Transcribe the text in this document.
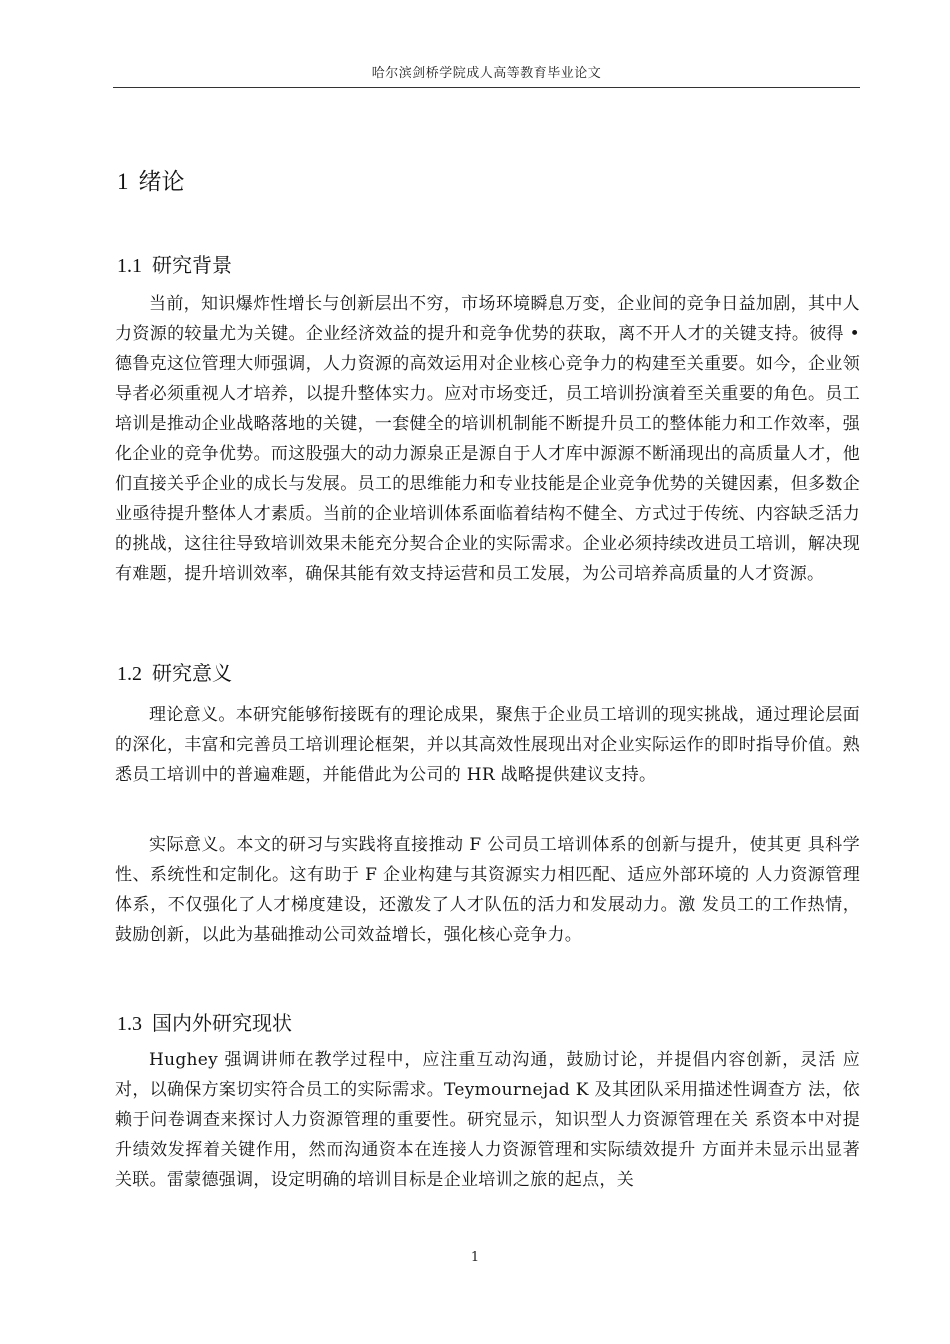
哈尔滨剑桥学院成人高等教育毕业论文
1 绪论
1.1 研究背景

当前，知识爆炸性增长与创新层出不穷，市场环境瞬息万变，企业间的竞争日益加剧，其中人力资源的较量尤为关键。企业经济效益的提升和竞争优势的获取，离不开人才的关键支持。彼得 •德鲁克这位管理大师强调，人力资源的高效运用对企业核心竞争力的构建至关重要。如今，企业领导者必须重视人才培养，以提升整体实力。应对市场变迁，员工培训扮演着至关重要的角色。员工培训是推动企业战略落地的关键，一套健全的培训机制能不断提升员工的整体能力和工作效率，强化企业的竞争优势。而这股强大的动力源泉正是源自于人才库中源源不断涌现出的高质量人才，他们直接关乎企业的成长与发展。员工的思维能力和专业技能是企业竞争优势的关键因素，但多数企业亟待提升整体人才素质。当前的企业培训体系面临着结构不健全、方式过于传统、内容缺乏活力的挑战，这往往导致培训效果未能充分契合企业的实际需求。企业必须持续改进员工培训，解决现有难题，提升培训效率，确保其能有效支持运营和员工发展，为公司培养高质量的人才资源。

1.2 研究意义

理论意义。本研究能够衔接既有的理论成果，聚焦于企业员工培训的现实挑战，通过理论层面的深化，丰富和完善员工培训理论框架，并以其高效性展现出对企业实际运作的即时指导价值。熟悉员工培训中的普遍难题，并能借此为公司的 HR 战略提供建议支持。

实际意义。本文的研习与实践将直接推动 F 公司员工培训体系的创新与提升，使其更 具科学性、系统性和定制化。这有助于 F 企业构建与其资源实力相匹配、适应外部环境的 人力资源管理体系，不仅强化了人才梯度建设，还激发了人才队伍的活力和发展动力。激 发员工的工作热情，鼓励创新，以此为基础推动公司效益增长，强化核心竞争力。

1.3 国内外研究现状

Hughey 强调讲师在教学过程中，应注重互动沟通，鼓励讨论，并提倡内容创新，灵活 应对，以确保方案切实符合员工的实际需求。Teymournejad K 及其团队采用描述性调查方 法，依赖于问卷调查来探讨人力资源管理的重要性。研究显示，知识型人力资源管理在关 系资本中对提升绩效发挥着关键作用，然而沟通资本在连接人力资源管理和实际绩效提升 方面并未显示出显著关联。雷蒙德强调，设定明确的培训目标是企业培训之旅的起点，关

1
